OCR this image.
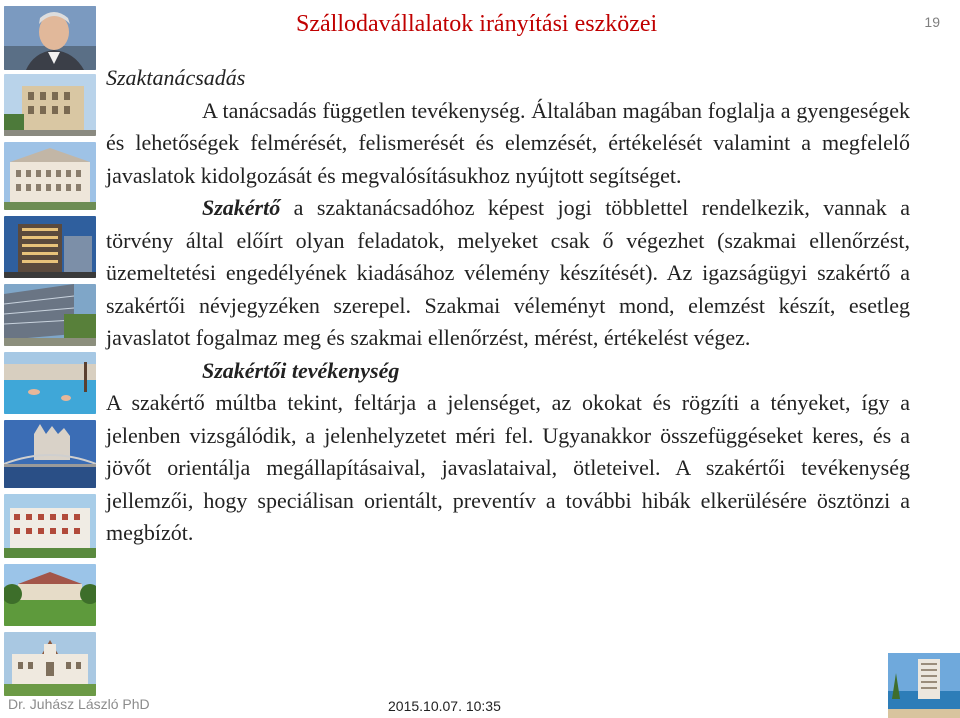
Szállodavállalatok irányítási eszközei	19

Szaktanácsadás

A tanácsadás független tevékenység. Általában magában foglalja a gyengeségek és lehetőségek felmérését, felismerését és elemzését, értékelését valamint a megfelelő javaslatok kidolgozását és megvalósításukhoz nyújtott segítséget.

Szakértő a szaktanácsadóhoz képest jogi többlettel rendelkezik, vannak a törvény által előírt olyan feladatok, melyeket csak ő végezhet (szakmai ellenőrzést, üzemeltetési engedélyének kiadásához vélemény készítését). Az igazságügyi szakértő a szakértői névjegyzéken szerepel. Szakmai véleményt mond, elemzést készít, esetleg javaslatot fogalmaz meg és szakmai ellenőrzést, mérést, értékelést végez.

Szakértői tevékenység

A szakértő múltba tekint, feltárja a jelenséget, az okokat és rögzíti a tényeket, így a jelenben vizsgálódik, a jelenhelyzetet méri fel. Ugyanakkor összefüggéseket keres, és a jövőt orientálja megállapításaival, javaslataival, ötleteivel. A szakértői tevékenység jellemzői, hogy speciálisan orientált, preventív a további hibák elkerülésére ösztönzi a megbízót.

Dr. Juhász László PhD	2015.10.07. 10:35
